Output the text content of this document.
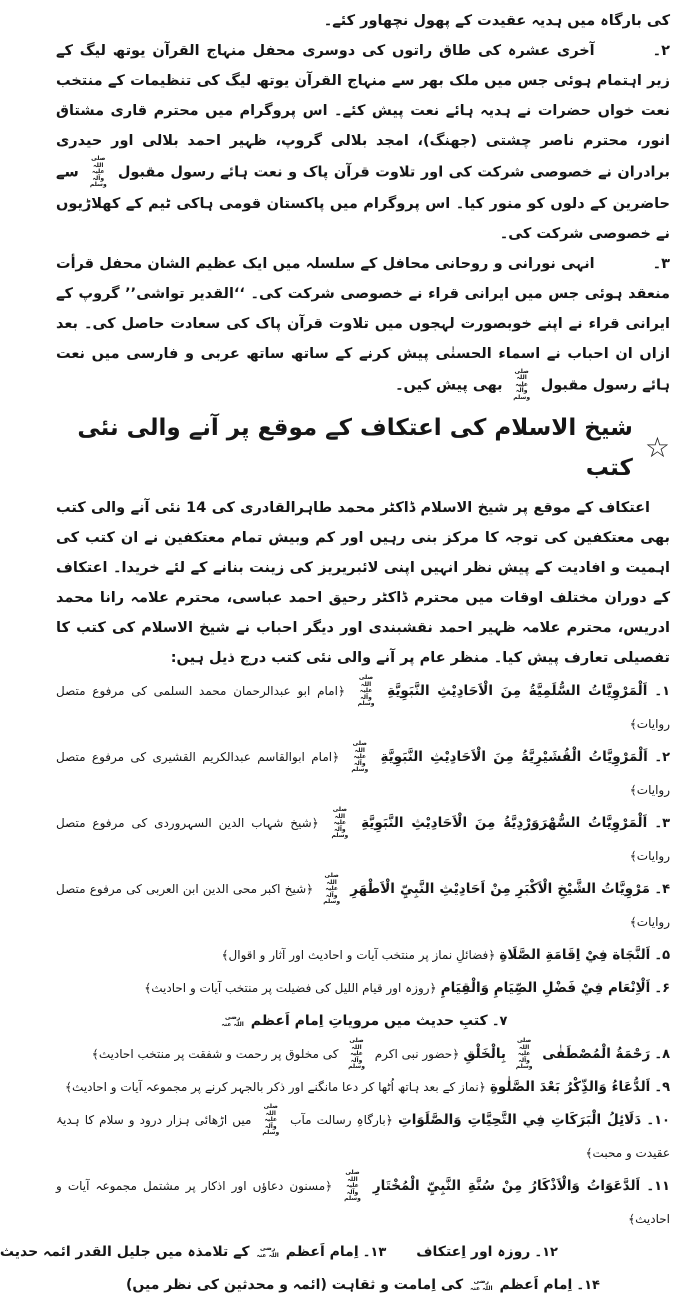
کی بارگاہ میں ہدیہ عقیدت کے پھول نچھاور کئے۔
۲۔آخری عشرہ کی طاق راتوں کی دوسری محفل منہاج القرآن یوتھ لیگ کے زیر اہتمام ہوئی جس میں ملک بھر سے منہاج القرآن یوتھ لیگ کی تنظیمات کے منتخب نعت خواں حضرات نے ہدیہ ہائے نعت پیش کئے۔ اس پروگرام میں محترم قاری مشتاق انور، محترم ناصر چشتی (جھنگ)، امجد بلالی گروپ، ظہیر احمد بلالی اور حیدری برادران نے خصوصی شرکت کی اور تلاوت قرآن پاک و نعت ہائے رسول مقبول صلی اللہ علیہ وآلہ وسلم سے حاضرین کے دلوں کو منور کیا۔ اس پروگرام میں پاکستان قومی ہاکی ٹیم کے کھلاڑیوں نے خصوصی شرکت کی۔
۳۔انہی نورانی و روحانی محافل کے سلسلہ میں ایک عظیم الشان محفل قرأت منعقد ہوئی جس میں ایرانی قراء نے خصوصی شرکت کی۔ ‘‘القدیر تواشی’’ گروپ کے ایرانی قراء نے اپنے خوبصورت لہجوں میں تلاوت قرآن پاک کی سعادت حاصل کی۔ بعد ازاں ان احباب نے اسماء الحسنٰی پیش کرنے کے ساتھ ساتھ عربی و فارسی میں نعت ہائے رسول مقبول صلی اللہ علیہ وآلہ وسلم بھی پیش کیں۔
☆
شیخ الاسلام کی اعتکاف کے موقع پر آنے والی نئی کتب
اعتکاف کے موقع پر شیخ الاسلام ڈاکٹر محمد طاہرالقادری کی 14 نئی آنے والی کتب بھی معتکفین کی توجہ کا مرکز بنی رہیں اور کم وبیش تمام معتکفین نے ان کتب کی اہمیت و افادیت کے پیش نظر انہیں اپنی لائبریریز کی زینت بنانے کے لئے خریدا۔ اعتکاف کے دوران مختلف اوقات میں محترم ڈاکٹر رحیق احمد عباسی، محترم علامہ رانا محمد ادریس، محترم علامہ ظہیر احمد نقشبندی اور دیگر احباب نے شیخ الاسلام کی کتب کا تفصیلی تعارف پیش کیا۔ منظر عام پر آنے والی نئی کتب درج ذیل ہیں:
۱۔ اَلْمَرْوِيَّاتُ السُّلَمِيَّةُ مِنَ الْاَحَادِيْثِ النَّبَوِيَّةِ صلی اللہ علیہ وآلہ وسلم ﴿امام ابو عبدالرحمان محمد السلمی کی مرفوع متصل روایات﴾
۲۔ اَلْمَرْوِيَّاتُ الْقُشَيْرِيَّةُ مِنَ الْاَحَادِيْثِ النَّبَوِيَّةِ صلی اللہ علیہ وآلہ وسلم ﴿امام ابوالقاسم عبدالکریم القشیری کی مرفوع متصل روایات﴾
۳۔ اَلْمَرْوِيَّاتُ السُّهْرَوَرْدِيَّةُ مِنَ الْاَحَادِيْثِ النَّبَوِيَّةِ صلی اللہ علیہ وآلہ وسلم ﴿شیخ شہاب الدین السہروردی کی مرفوع متصل روایات﴾
۴۔ مَرْوِيَّاتُ الشَّيْخِ الْاَكْبَرِ مِنْ اَحَادِيْثِ النَّبِيِّ الْاَطْهَرِ صلی اللہ علیہ وآلہ وسلم ﴿شیخ اکبر محی الدین ابن العربی کی مرفوع متصل روایات﴾
۵۔ اَلنَّجَاة فِيْ اِقَامَةِ الصَّلَاةِ ﴿فضائلِ نماز پر منتخب آیات و احادیث اور آثار و اقوال﴾
۶۔ اَلْاِنْعَام فِيْ فَضْلِ الصِّيَامِ وَالْقِيَامِ ﴿روزہ اور قیام اللیل کی فضیلت پر منتخب آیات و احادیث﴾
۷۔ کتبِ حدیث میں مرویاتِ اِمام اَعظم رضی اللہ عنہ
۸۔ رَحْمَةُ الْمُصْطَفٰی صلی اللہ علیہ وآلہ وسلم بِالْخَلْقِ ﴿حضور نبی اکرم صلی اللہ علیہ وآلہ وسلم کی مخلوق پر رحمت و شفقت پر منتخب احادیث﴾
۹۔ اَلدُّعَاءُ وَالذِّكْرُ بَعْدَ الصَّلٰوةِ ﴿نماز کے بعد ہاتھ اُٹھا کر دعا مانگنے اور ذکر بالجہر کرنے پر مجموعہ آیات و احادیث﴾
۱۰۔ دَلَائِلُ الْبَرَكَاتِ فِي التَّحِيَّاتِ وَالصَّلَوَاتِ ﴿بارگاہِ رسالت مآب صلی اللہ علیہ وآلہ وسلم میں اڑھائی ہزار درود و سلام کا ہدیۂ عقیدت و محبت﴾
۱۱۔ اَلدَّعَوَاتُ وَالْاَذْكَارُ مِنْ سُنَّةِ النَّبِيِّ الْمُخْتَارِ صلی اللہ علیہ وآلہ وسلم ﴿مسنون دعاؤں اور اذکار پر مشتمل مجموعہ آیات و احادیث﴾
۱۲۔ روزہ اور اِعتکاف
۱۳۔ اِمام اَعظم رضی اللہ عنہ کے تلامذہ میں جلیل القدر ائمہ حدیث
۱۴۔ اِمام اَعظم رضی اللہ عنہ کی اِمامت و ثقاہت (ائمہ و محدثین کی نظر میں)
